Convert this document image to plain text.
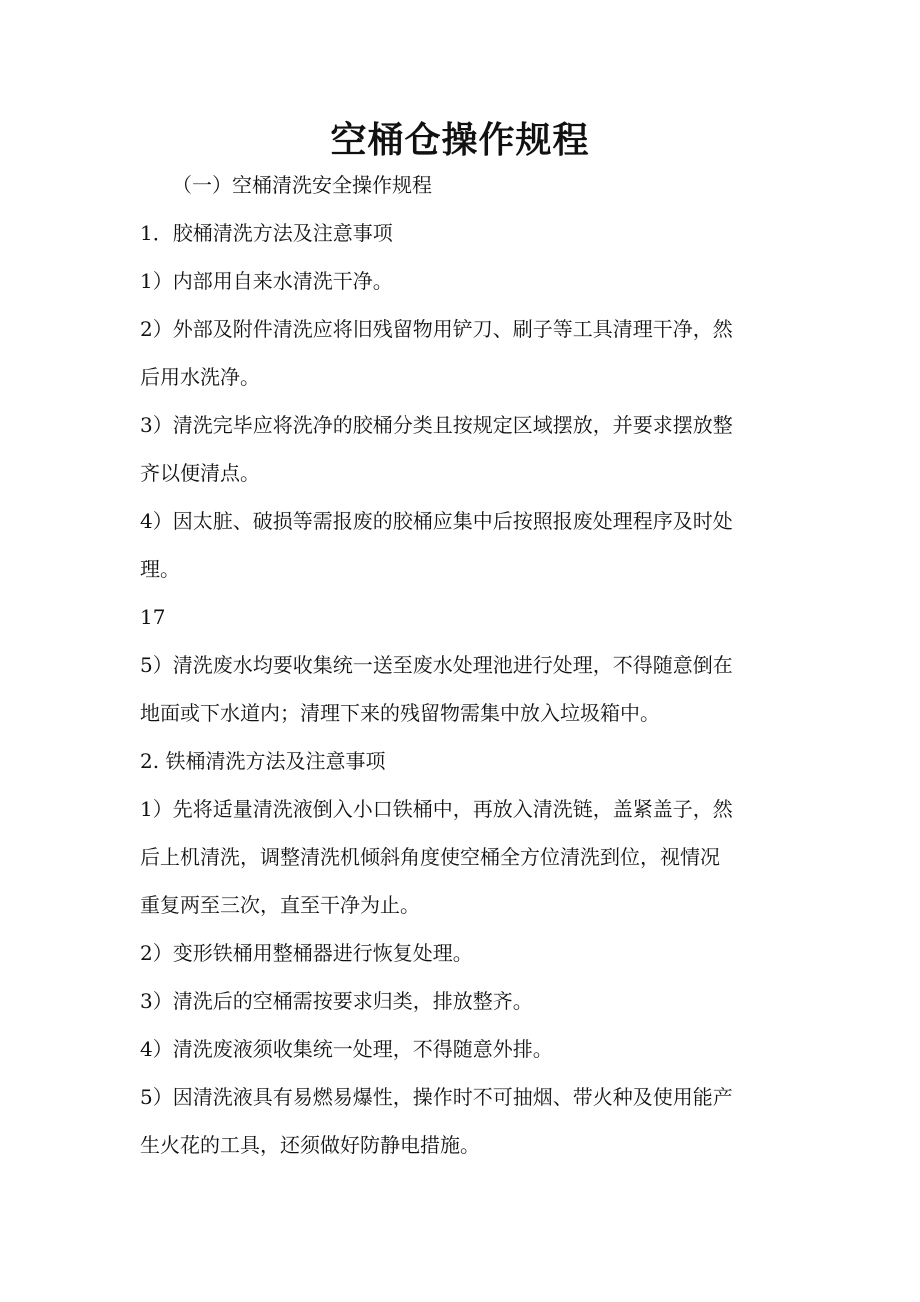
空桶仓操作规程
（一）空桶清洗安全操作规程
1．胶桶清洗方法及注意事项
1）内部用自来水清洗干净。
2）外部及附件清洗应将旧残留物用铲刀、刷子等工具清理干净，然
后用水洗净。
3）清洗完毕应将洗净的胶桶分类且按规定区域摆放，并要求摆放整
齐以便清点。
4）因太脏、破损等需报废的胶桶应集中后按照报废处理程序及时处
理。
17
5）清洗废水均要收集统一送至废水处理池进行处理，不得随意倒在
地面或下水道内；清理下来的残留物需集中放入垃圾箱中。
2. 铁桶清洗方法及注意事项
1）先将适量清洗液倒入小口铁桶中，再放入清洗链，盖紧盖子，然
后上机清洗，调整清洗机倾斜角度使空桶全方位清洗到位，视情况
重复两至三次，直至干净为止。
2）变形铁桶用整桶器进行恢复处理。
3）清洗后的空桶需按要求归类，排放整齐。
4）清洗废液须收集统一处理，不得随意外排。
5）因清洗液具有易燃易爆性，操作时不可抽烟、带火种及使用能产
生火花的工具，还须做好防静电措施。
